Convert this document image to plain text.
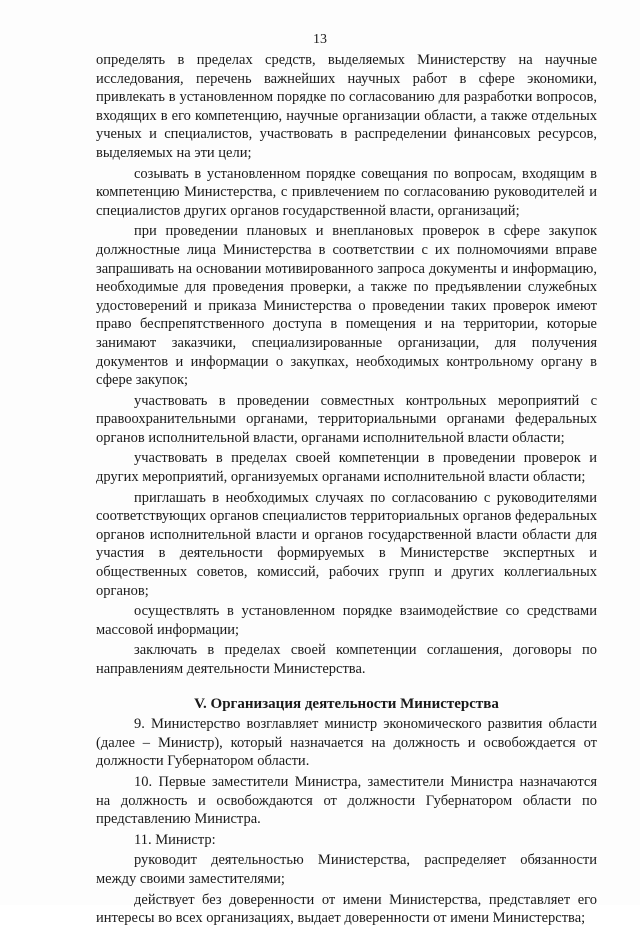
13

определять в пределах средств, выделяемых Министерству на научные исследования, перечень важнейших научных работ в сфере экономики, привлекать в установленном порядке по согласованию для разработки вопросов, входящих в его компетенцию, научные организации области, а также отдельных ученых и специалистов, участвовать в распределении финансовых ресурсов, выделяемых на эти цели;

созывать в установленном порядке совещания по вопросам, входящим в компетенцию Министерства, с привлечением по согласованию руководителей и специалистов других органов государственной власти, организаций;

при проведении плановых и внеплановых проверок в сфере закупок должностные лица Министерства в соответствии с их полномочиями вправе запрашивать на основании мотивированного запроса документы и информацию, необходимые для проведения проверки, а также по предъявлении служебных удостоверений и приказа Министерства о проведении таких проверок имеют право беспрепятственного доступа в помещения и на территории, которые занимают заказчики, специализированные организации, для получения документов и информации о закупках, необходимых контрольному органу в сфере закупок;

участвовать в проведении совместных контрольных мероприятий с правоохранительными органами, территориальными органами федеральных органов исполнительной власти, органами исполнительной власти области;

участвовать в пределах своей компетенции в проведении проверок и других мероприятий, организуемых органами исполнительной власти области;

приглашать в необходимых случаях по согласованию с руководителями соответствующих органов специалистов территориальных органов федеральных органов исполнительной власти и органов государственной власти области для участия в деятельности формируемых в Министерстве экспертных и общественных советов, комиссий, рабочих групп и других коллегиальных органов;

осуществлять в установленном порядке взаимодействие со средствами массовой информации;

заключать в пределах своей компетенции соглашения, договоры по направлениям деятельности Министерства.

V. Организация деятельности Министерства

9. Министерство возглавляет министр экономического развития области (далее – Министр), который назначается на должность и освобождается от должности Губернатором области.

10. Первые заместители Министра, заместители Министра назначаются на должность и освобождаются от должности Губернатором области по представлению Министра.

11. Министр:

руководит деятельностью Министерства, распределяет обязанности между своими заместителями;

действует без доверенности от имени Министерства, представляет его интересы во всех организациях, выдает доверенности от имени Министерства;
